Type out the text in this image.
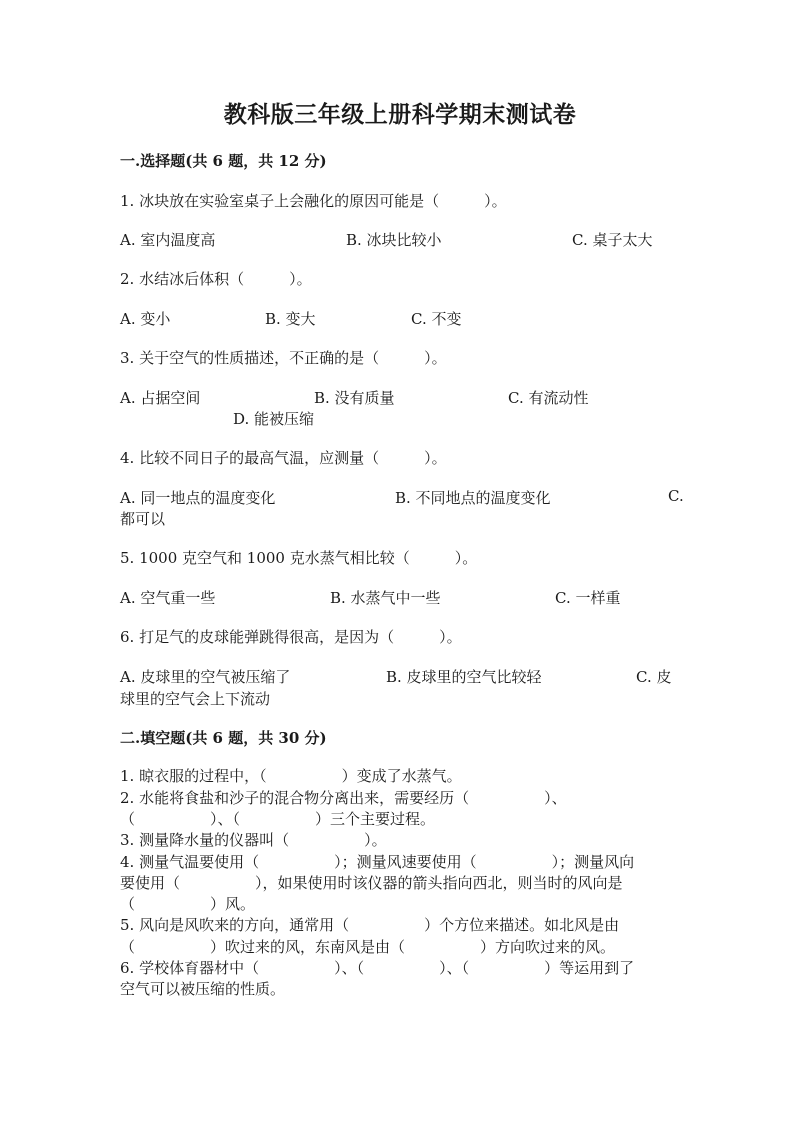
教科版三年级上册科学期末测试卷
一.选择题(共 6 题，共 12 分)
1. 冰块放在实验室桌子上会融化的原因可能是（　　　）。
A. 室内温度高	B. 冰块比较小	C. 桌子太大
2. 水结冰后体积（　　　）。
A. 变小	B. 变大	C. 不变
3. 关于空气的性质描述，不正确的是（　　　）。
A. 占据空间	B. 没有质量	C. 有流动性
D. 能被压缩
4. 比较不同日子的最高气温，应测量（　　　）。
A. 同一地点的温度变化	B. 不同地点的温度变化	C.
都可以
5. 1000 克空气和 1000 克水蒸气相比较（　　　）。
A. 空气重一些	B. 水蒸气中一些	C. 一样重
6. 打足气的皮球能弹跳得很高，是因为（　　　）。
A. 皮球里的空气被压缩了	B. 皮球里的空气比较轻	C. 皮
球里的空气会上下流动
二.填空题(共 6 题，共 30 分)
1. 晾衣服的过程中，（　　　　　）变成了水蒸气。
2. 水能将食盐和沙子的混合物分离出来，需要经历（　　　　　）、
（　　　　　）、（　　　　　）三个主要过程。
3. 测量降水量的仪器叫（　　　　　）。
4. 测量气温要使用（　　　　　）；测量风速要使用（　　　　　）；测量风向
要使用（　　　　　），如果使用时该仪器的箭头指向西北，则当时的风向是
（　　　　　）风。
5. 风向是风吹来的方向，通常用（　　　　　）个方位来描述。如北风是由
（　　　　　）吹过来的风，东南风是由（　　　　　）方向吹过来的风。
6. 学校体育器材中（　　　　　）、（　　　　　）、（　　　　　）等运用到了
空气可以被压缩的性质。
